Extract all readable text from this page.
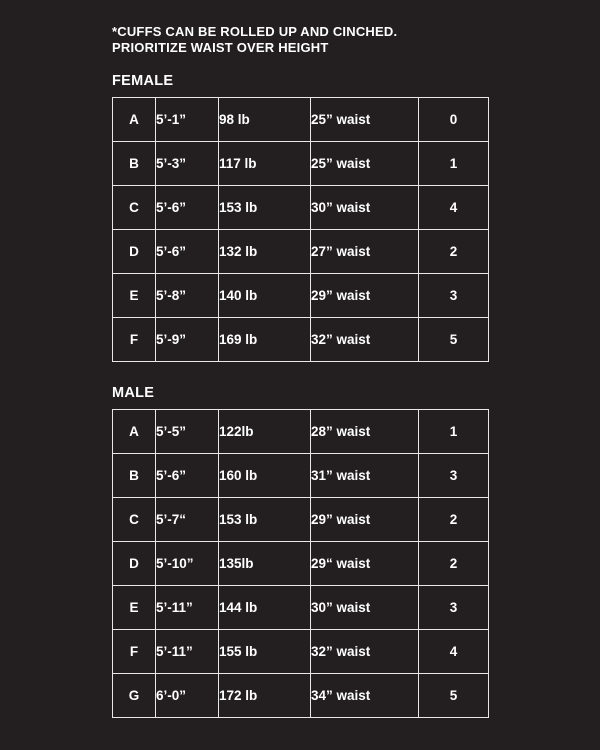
*CUFFS CAN BE ROLLED UP AND CINCHED.
PRIORITIZE WAIST OVER HEIGHT
FEMALE
A	5’-1”	98 lb	25” waist	0
B	5’-3”	117 lb	25” waist	1
C	5’-6”	153 lb	30” waist	4
D	5’-6”	132 lb	27” waist	2
E	5’-8”	140 lb	29” waist	3
F	5’-9”	169 lb	32” waist	5
MALE
A	5’-5”	122lb	28” waist	1
B	5’-6”	160 lb	31” waist	3
C	5’-7“	153 lb	29” waist	2
D	5’-10”	135lb	29“ waist	2
E	5’-11”	144 lb	30” waist	3
F	5’-11”	155 lb	32” waist	4
G	6’-0”	172 lb	34” waist	5
